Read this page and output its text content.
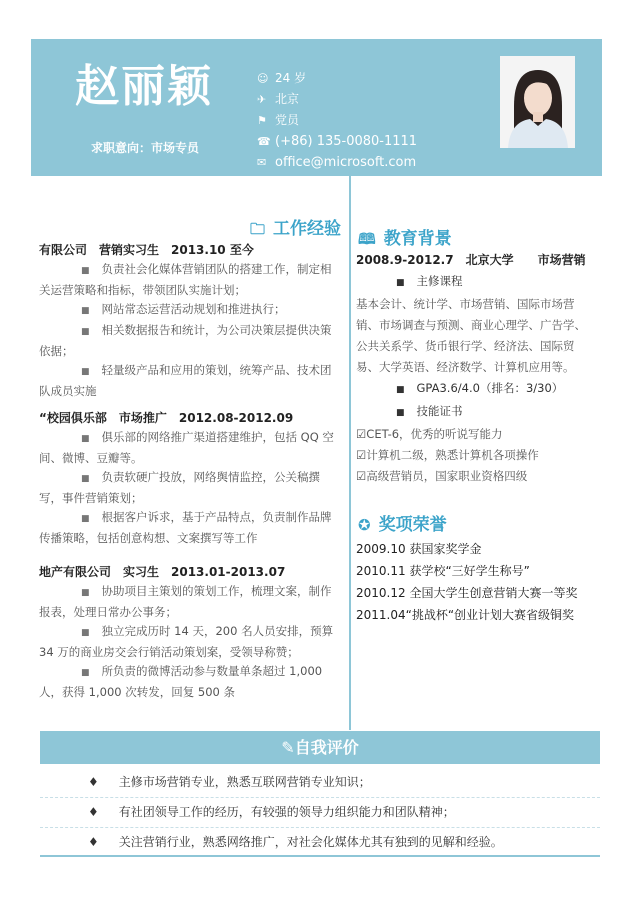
赵丽颖
求职意向：市场专员
☺ 24 岁
✈ 北京
⚑ 党员
☎ (+86) 135-0080-1111
✉ office@microsoft.com
🗀 工作经验
有限公司　营销实习生　2013.10 至今
■ 负责社会化媒体营销团队的搭建工作，制定相关运营策略和指标，带领团队实施计划；
■ 网站常态运营活动规划和推进执行；
■ 相关数据报告和统计，为公司决策层提供决策依据；
■ 轻量级产品和应用的策划，统筹产品、技术团队成员实施
“校园俱乐部　市场推广　2012.08-2012.09
■ 俱乐部的网络推广渠道搭建维护，包括 QQ 空间、微博、豆瓣等。
■ 负责软硬广投放，网络舆情监控，公关稿撰写，事件营销策划；
■ 根据客户诉求，基于产品特点，负责制作品牌传播策略，包括创意构想、文案撰写等工作
地产有限公司　实习生　2013.01-2013.07
■ 协助项目主策划的策划工作，梳理文案，制作报表，处理日常办公事务；
■ 独立完成历时 14 天，200 名人员安排，预算 34 万的商业房交会行销活动策划案，受领导称赞；
■ 所负责的微博活动参与数量单条超过 1,000 人，获得 1,000 次转发，回复 500 条
🕮 教育背景
2008.9-2012.7　北京大学　　市场营销
■ 主修课程
基本会计、统计学、市场营销、国际市场营销、市场调查与预测、商业心理学、广告学、公共关系学、货币银行学、经济法、国际贸易、大学英语、经济数学、计算机应用等。
■ GPA3.6/4.0（排名：3/30）
■ 技能证书
☑CET-6，优秀的听说写能力
☑计算机二级，熟悉计算机各项操作
☑高级营销员，国家职业资格四级
✪ 奖项荣誉
2009.10 获国家奖学金
2010.11 获学校“三好学生称号”
2010.12 全国大学生创意营销大赛一等奖
2011.04“挑战杯“创业计划大赛省级铜奖
✎自我评价
♦ 主修市场营销专业，熟悉互联网营销专业知识；
♦ 有社团领导工作的经历，有较强的领导力组织能力和团队精神；
♦ 关注营销行业，熟悉网络推广，对社会化媒体尤其有独到的见解和经验。
